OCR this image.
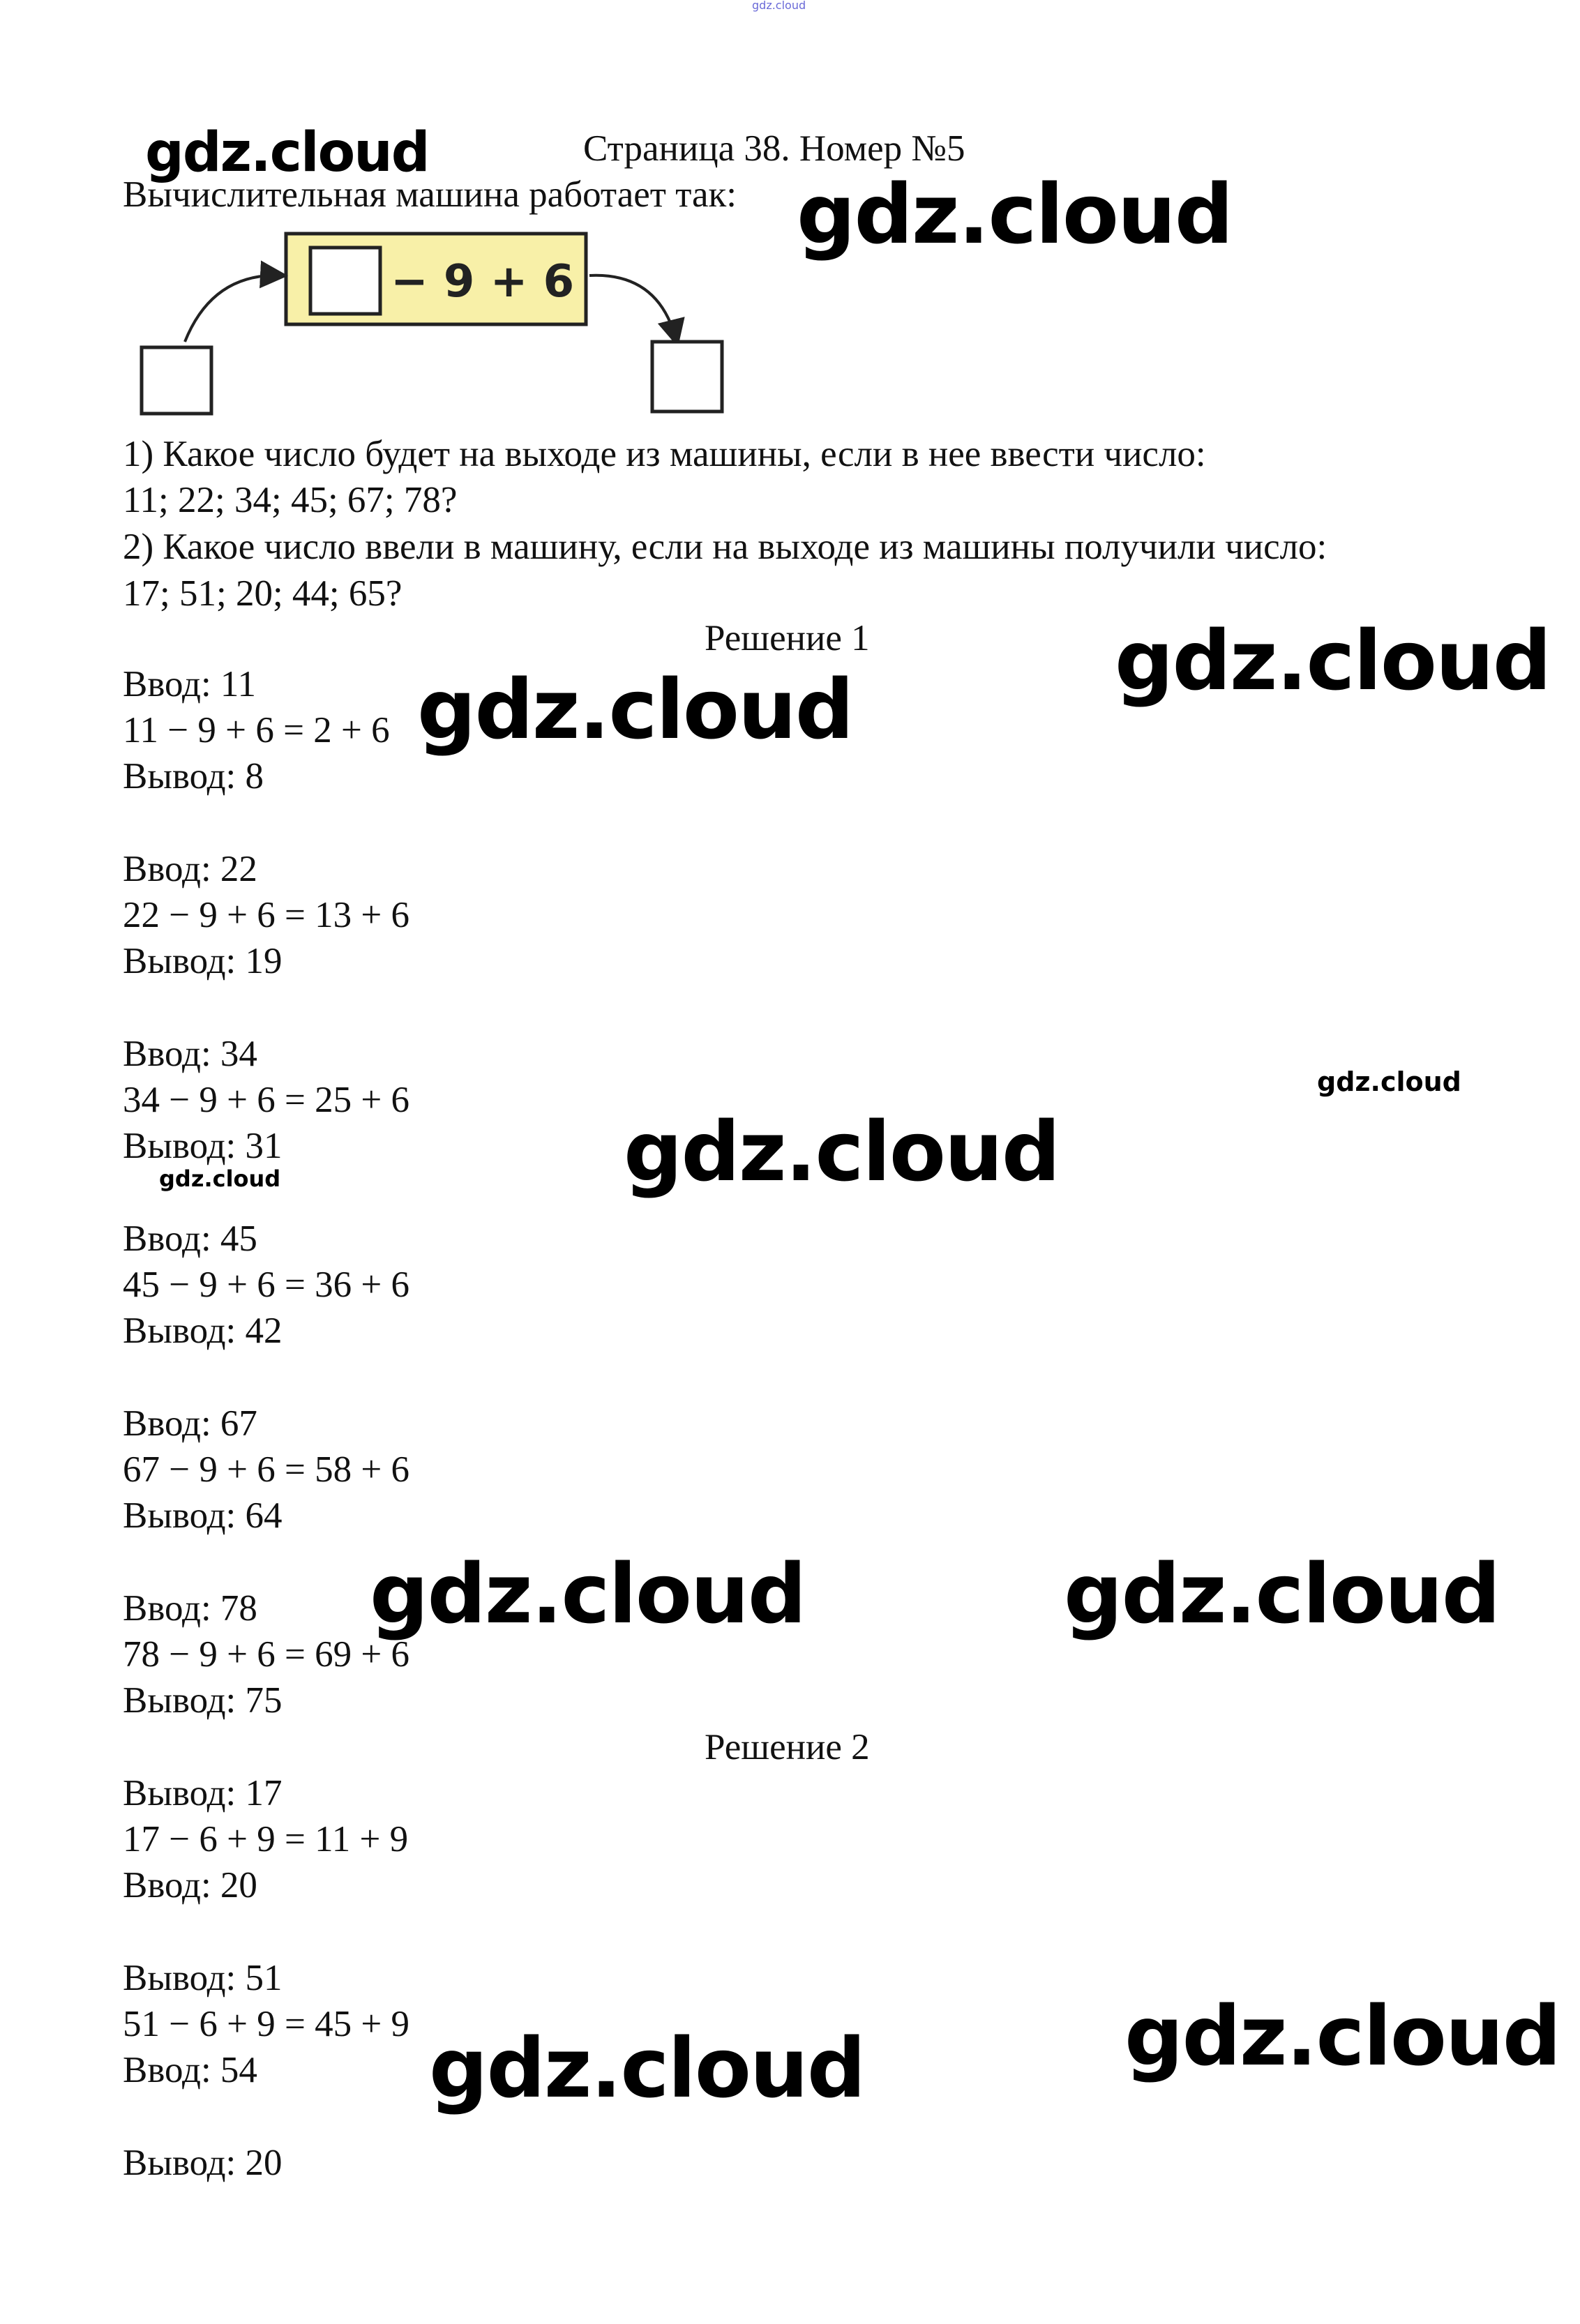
gdz.cloud
Страница 38. Номер №5
Вычислительная машина работает так:
− 9 + 6
1) Какое число будет на выходе из машины, если в нее ввести число:
11; 22; 34; 45; 67; 78?
2) Какое число ввели в машину, если на выходе из машины получили число:
17; 51; 20; 44; 65?
Решение 1
Ввод: 11
11 − 9 + 6 = 2 + 6
Вывод: 8
Ввод: 22
22 − 9 + 6 = 13 + 6
Вывод: 19
Ввод: 34
34 − 9 + 6 = 25 + 6
Вывод: 31
Ввод: 45
45 − 9 + 6 = 36 + 6
Вывод: 42
Ввод: 67
67 − 9 + 6 = 58 + 6
Вывод: 64
Ввод: 78
78 − 9 + 6 = 69 + 6
Вывод: 75
Решение 2
Вывод: 17
17 − 6 + 9 = 11 + 9
Ввод: 20
Вывод: 51
51 − 6 + 9 = 45 + 9
Ввод: 54
Вывод: 20
gdz.cloud
gdz.cloud
gdz.cloud
gdz.cloud
gdz.cloud
gdz.cloud
gdz.cloud
gdz.cloud	gdz.cloud
gdz.cloud
gdz.cloud
